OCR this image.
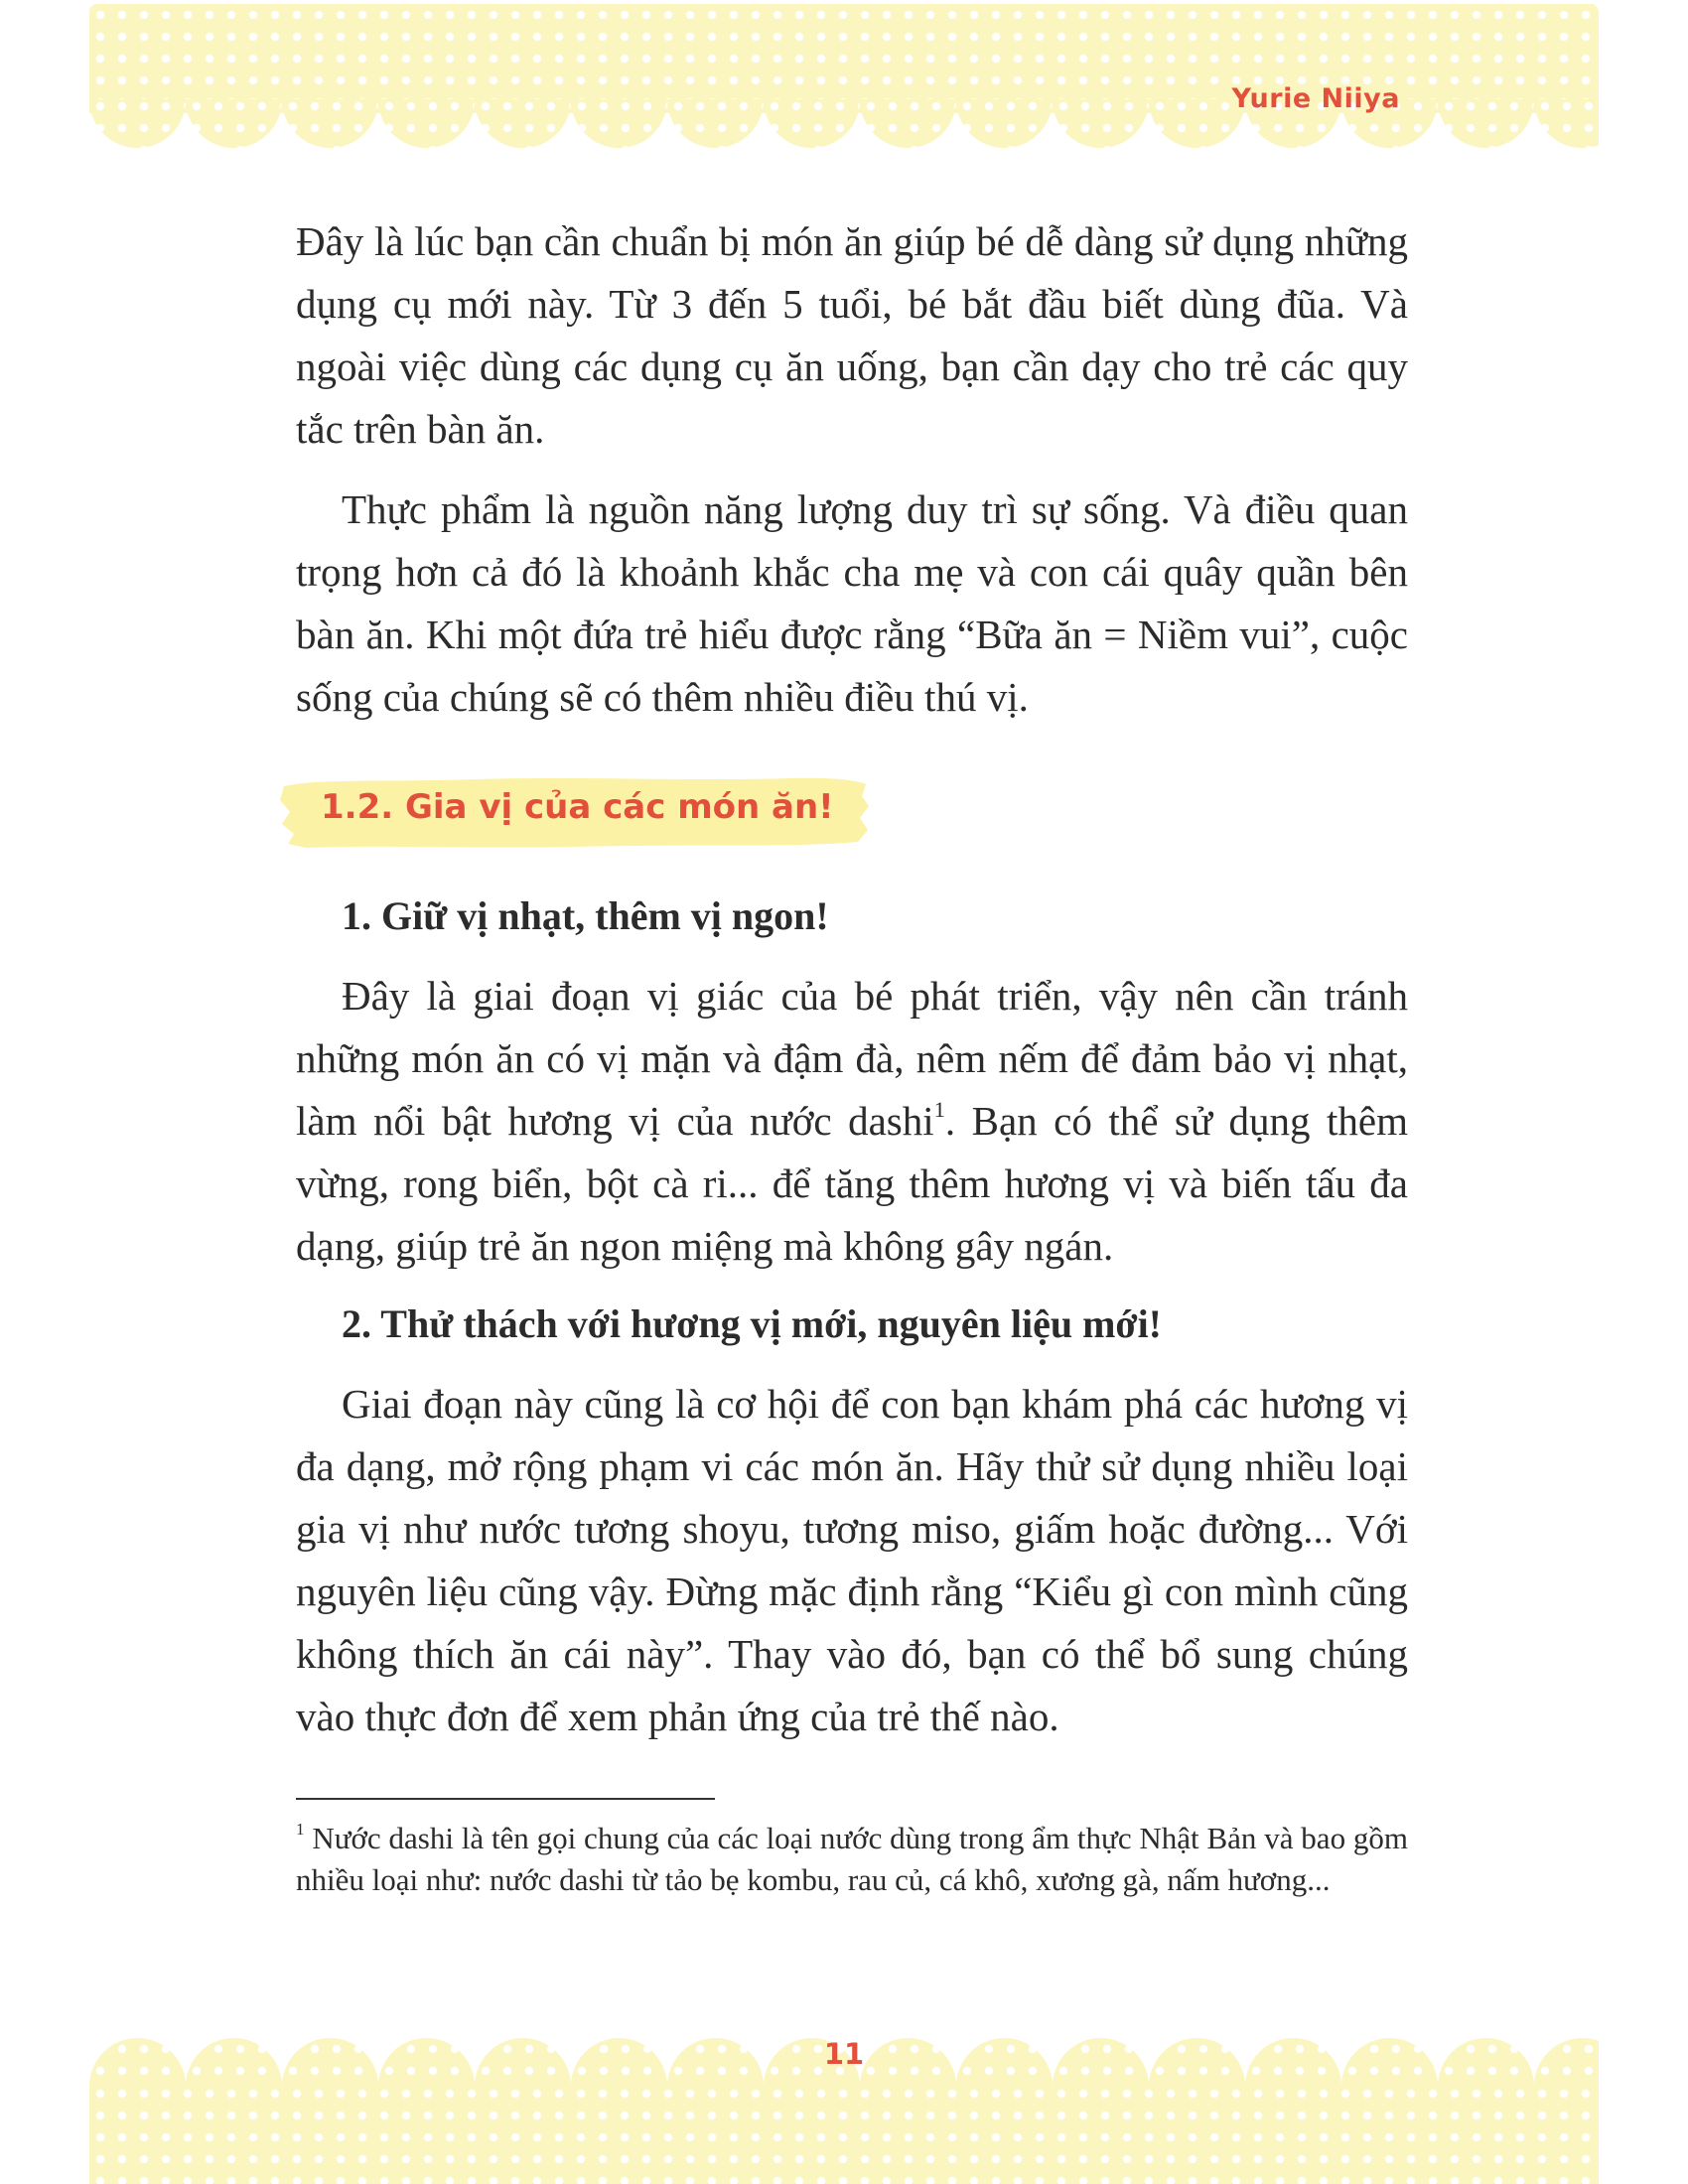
Yurie Niiya

Đây là lúc bạn cần chuẩn bị món ăn giúp bé dễ dàng sử dụng những dụng cụ mới này. Từ 3 đến 5 tuổi, bé bắt đầu biết dùng đũa. Và ngoài việc dùng các dụng cụ ăn uống, bạn cần dạy cho trẻ các quy tắc trên bàn ăn.

Thực phẩm là nguồn năng lượng duy trì sự sống. Và điều quan trọng hơn cả đó là khoảnh khắc cha mẹ và con cái quây quần bên bàn ăn. Khi một đứa trẻ hiểu được rằng “Bữa ăn = Niềm vui”, cuộc sống của chúng sẽ có thêm nhiều điều thú vị.

1.2. Gia vị của các món ăn!
1. Giữ vị nhạt, thêm vị ngon!

Đây là giai đoạn vị giác của bé phát triển, vậy nên cần tránh những món ăn có vị mặn và đậm đà, nêm nếm để đảm bảo vị nhạt, làm nổi bật hương vị của nước dashi$^1$. Bạn có thể sử dụng thêm vừng, rong biển, bột cà ri... để tăng thêm hương vị và biến tấu đa dạng, giúp trẻ ăn ngon miệng mà không gây ngán.

2. Thử thách với hương vị mới, nguyên liệu mới!

Giai đoạn này cũng là cơ hội để con bạn khám phá các hương vị đa dạng, mở rộng phạm vi các món ăn. Hãy thử sử dụng nhiều loại gia vị như nước tương shoyu, tương miso, giấm hoặc đường... Với nguyên liệu cũng vậy. Đừng mặc định rằng “Kiểu gì con mình cũng không thích ăn cái này”. Thay vào đó, bạn có thể bổ sung chúng vào thực đơn để xem phản ứng của trẻ thế nào.

$^1$ Nước dashi là tên gọi chung của các loại nước dùng trong ẩm thực Nhật Bản và bao gồm nhiều loại như: nước dashi từ tảo bẹ kombu, rau củ, cá khô, xương gà, nấm hương...

11
